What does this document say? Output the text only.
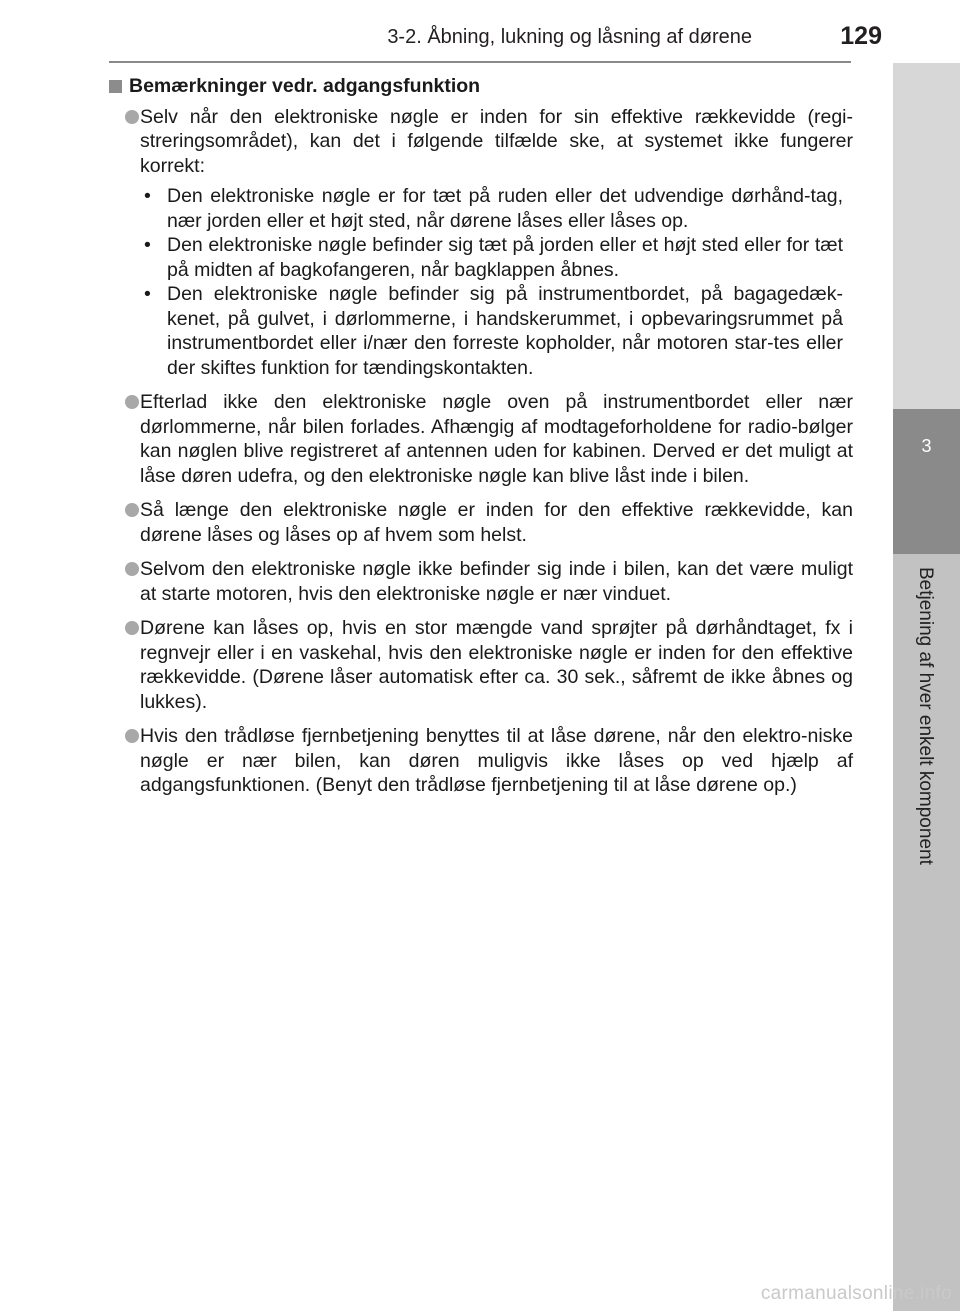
3-2. Åbning, lukning og låsning af dørene	129
3
Betjening af hver enkelt komponent
Bemærkninger vedr. adgangsfunktion
Selv når den elektroniske nøgle er inden for sin effektive rækkevidde (regi-streringsområdet), kan det i følgende tilfælde ske, at systemet ikke fungerer korrekt:
• Den elektroniske nøgle er for tæt på ruden eller det udvendige dørhånd-tag, nær jorden eller et højt sted, når dørene låses eller låses op.
• Den elektroniske nøgle befinder sig tæt på jorden eller et højt sted eller for tæt på midten af bagkofangeren, når bagklappen åbnes.
• Den elektroniske nøgle befinder sig på instrumentbordet, på bagagedæk-kenet, på gulvet, i dørlommerne, i handskerummet, i opbevaringsrummet på instrumentbordet eller i/nær den forreste kopholder, når motoren star-tes eller der skiftes funktion for tændingskontakten.
Efterlad ikke den elektroniske nøgle oven på instrumentbordet eller nær dørlommerne, når bilen forlades. Afhængig af modtageforholdene for radio-bølger kan nøglen blive registreret af antennen uden for kabinen. Derved er det muligt at låse døren udefra, og den elektroniske nøgle kan blive låst inde i bilen.
Så længe den elektroniske nøgle er inden for den effektive rækkevidde, kan dørene låses og låses op af hvem som helst.
Selvom den elektroniske nøgle ikke befinder sig inde i bilen, kan det være muligt at starte motoren, hvis den elektroniske nøgle er nær vinduet.
Dørene kan låses op, hvis en stor mængde vand sprøjter på dørhåndtaget, fx i regnvejr eller i en vaskehal, hvis den elektroniske nøgle er inden for den effektive rækkevidde. (Dørene låser automatisk efter ca. 30 sek., såfremt de ikke åbnes og lukkes).
Hvis den trådløse fjernbetjening benyttes til at låse dørene, når den elektro-niske nøgle er nær bilen, kan døren muligvis ikke låses op ved hjælp af adgangsfunktionen. (Benyt den trådløse fjernbetjening til at låse dørene op.)
carmanualsonline.info
